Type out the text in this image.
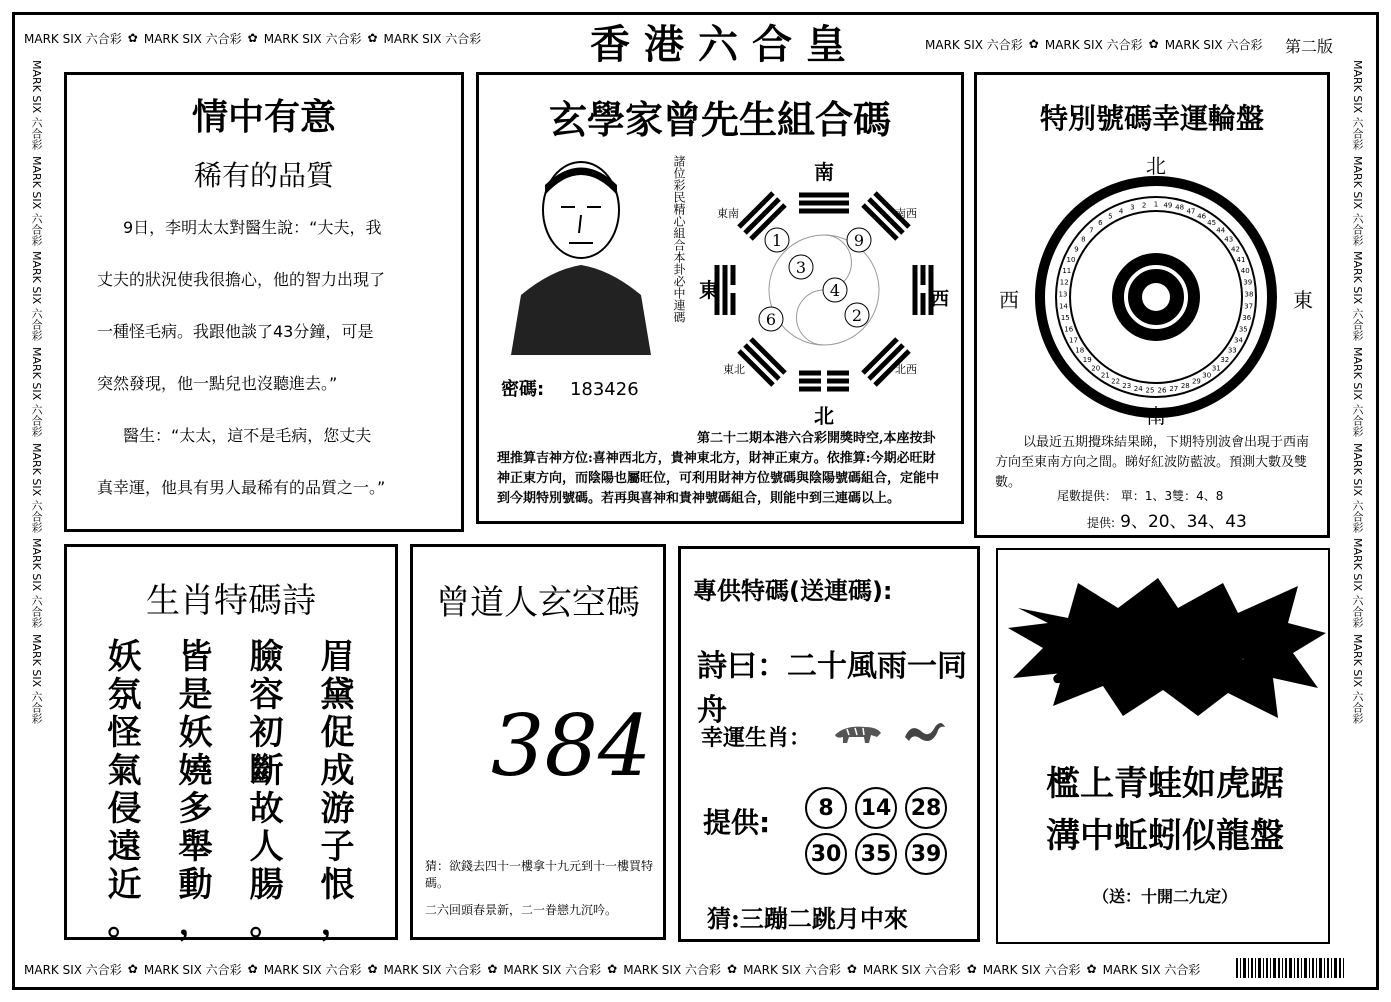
MARK SIX 六合彩 ✿ MARK SIX 六合彩 ✿ MARK SIX 六合彩 ✿ MARK SIX 六合彩	香港六合皇	MARK SIX 六合彩 ✿ MARK SIX 六合彩 ✿ MARK SIX 六合彩 第二版
MARK SIX 六合彩MARK SIX 六合彩MARK SIX 六合彩MARK SIX 六合彩MARK SIX 六合彩MARK SIX 六合彩MARK SIX 六合彩
MARK SIX 六合彩MARK SIX 六合彩MARK SIX 六合彩MARK SIX 六合彩MARK SIX 六合彩MARK SIX 六合彩MARK SIX 六合彩
MARK SIX 六合彩 ✿ MARK SIX 六合彩 ✿ MARK SIX 六合彩 ✿ MARK SIX 六合彩 ✿ MARK SIX 六合彩 ✿ MARK SIX 六合彩 ✿ MARK SIX 六合彩 ✿ MARK SIX 六合彩 ✿ MARK SIX 六合彩 ✿ MARK SIX 六合彩
情中有意
稀有的品質
9日，李明太太對醫生說：“大夫，我
丈夫的狀況使我很擔心，他的智力出現了
一種怪毛病。我跟他談了43分鐘，可是
突然發現，他一點兒也沒聽進去。”
醫生：“太太，這不是毛病，您丈夫
真幸運，他具有男人最稀有的品質之一。”
玄學家曾先生組合碼
諸位彩民精心組合本卦必中連碼
密碼: 183426
南
北
東	西
東南	南西
東北	北西
1	9
3
4
6	2
第二十二期本港六合彩開獎時空,本座按卦理推算吉神方位:喜神西北方，貴神東北方，財神正東方。依推算:今期必旺財神正東方向，而陰陽也屬旺位，可利用財神方位號碼與陰陽號碼組合，定能中到今期特別號碼。若再與喜神和貴神號碼組合，則能中到三連碼以上。
特別號碼幸運輪盤
北
南
西	東
1 49 48 47
46
45
44
43
42
41
40
39
38
37
36
35
34
33
32
31
30
29
28
27
26
25
24
23
22
21
20
19
18
17
16
15
14
13
12
11
10
9
8
7
6
5
4 3 2
以最近五期攪珠結果睇，下期特別波會出現于西南方向至東南方向之間。睇好紅波防藍波。預測大數及雙數。
尾數提供： 單：1、3雙：4、8
提供: 9、20、34、43
生肖特碼詩
妖
氛
怪
氣
侵
遠
近
。
皆
是
妖
嬈
多
舉
動
，
臉
容
初
斷
故
人
腸
。
眉
黛
促
成
游
子
恨
，
曾道人玄空碼
384
猜：欲錢去四十一樓拿十九元到十一樓買特碼。
二六回頭春景新，二一眷戀九沉吟。
專供特碼(送連碼):
詩曰：二十風雨一同舟
幸運生肖：
提供:	8	14 28
30 35 39
猜:三蹦二跳月中來
馬會通密
檻上青蛙如虎踞
溝中蚯蚓似龍盤
（送：十開二九定）
